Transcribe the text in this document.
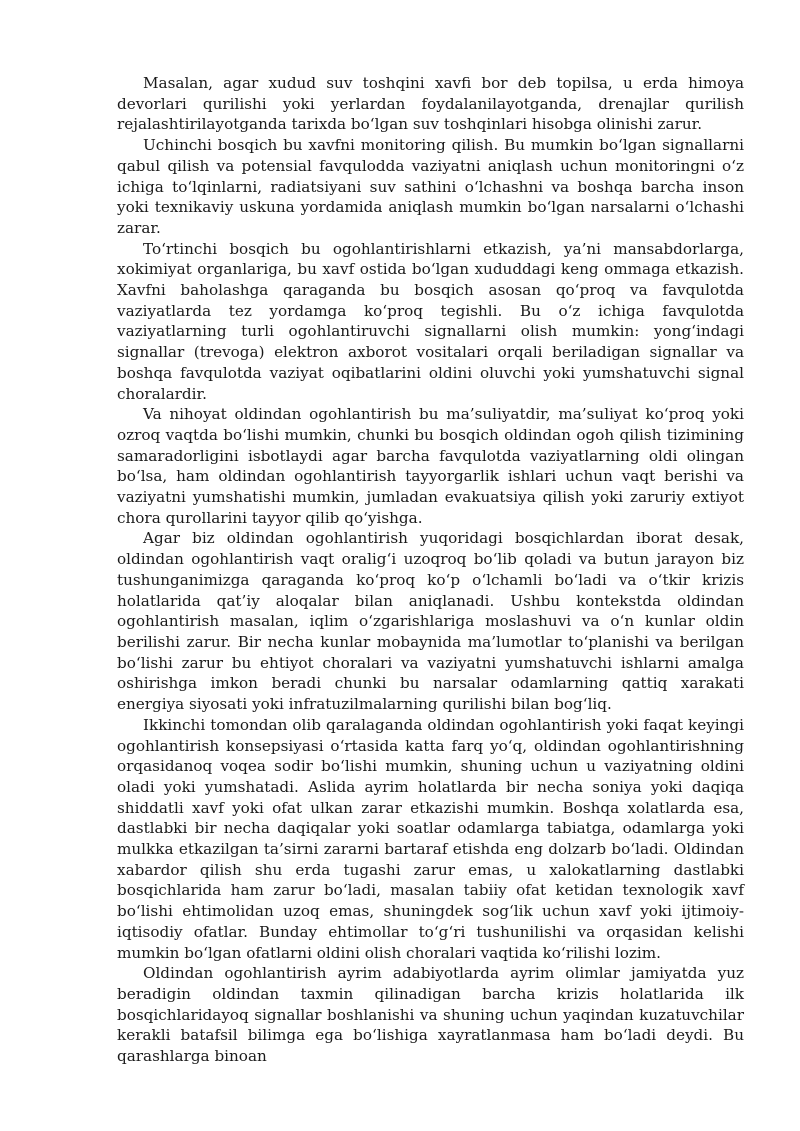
Masalan, agar xudud suv toshqini xavfi bor deb topilsa, u erda himoya devorlari qurilishi yoki yerlardan foydalanilayotganda, drenajlar qurilish rejalashtirilayotganda tarixda boʻlgan suv toshqinlari hisobga olinishi zarur.

Uchinchi bosqich bu xavfni monitoring qilish. Bu mumkin boʻlgan signallarni qabul qilish va potensial favqulodda vaziyatni aniqlash uchun monitoringni oʻz ichiga toʻlqinlarni, radiatsiyani suv sathini oʻlchashni va boshqa barcha inson yoki texnikaviy uskuna yordamida aniqlash mumkin boʻlgan narsalarni oʻlchashi zarar.

Toʻrtinchi bosqich bu ogohlantirishlarni etkazish, ya’ni mansabdorlarga, xokimiyat organlariga, bu xavf ostida boʻlgan xududdagi keng ommaga etkazish. Xavfni baholashga qaraganda bu bosqich asosan qoʻproq va favqulotda vaziyatlarda tez yordamga koʻproq tegishli. Bu oʻz ichiga favqulotda vaziyatlarning turli ogohlantiruvchi signallarni olish mumkin: yongʻindagi signallar (trevoga) elektron axborot vositalari orqali beriladigan signallar va boshqa favqulotda vaziyat oqibatlarini oldini oluvchi yoki yumshatuvchi signal choralardir.

Va nihoyat oldindan ogohlantirish bu ma’suliyatdir, ma’suliyat koʻproq yoki ozroq vaqtda boʻlishi mumkin, chunki bu bosqich oldindan ogoh qilish tizimining samaradorligini isbotlaydi agar barcha favqulotda vaziyatlarning oldi olingan boʻlsa, ham oldindan ogohlantirish tayyorgarlik ishlari uchun vaqt berishi va vaziyatni yumshatishi mumkin, jumladan evakuatsiya qilish yoki zaruriy extiyot chora qurollarini tayyor qilib qoʻyishga.

Agar biz oldindan ogohlantirish yuqoridagi bosqichlardan iborat desak, oldindan ogohlantirish vaqt oraligʻi uzoqroq boʻlib qoladi va butun jarayon biz tushunganimizga qaraganda koʻproq koʻp oʻlchamli boʻladi va oʻtkir krizis holatlarida qat’iy aloqalar bilan aniqlanadi. Ushbu kontekstda oldindan ogohlantirish masalan, iqlim oʻzgarishlariga moslashuvi va oʻn kunlar oldin berilishi zarur. Bir necha kunlar mobaynida ma’lumotlar toʻplanishi va berilgan boʻlishi zarur bu ehtiyot choralari va vaziyatni yumshatuvchi ishlarni amalga oshirishga imkon beradi chunki bu narsalar odamlarning qattiq xarakati energiya siyosati yoki infratuzilmalarning qurilishi bilan bogʻliq.

Ikkinchi tomondan olib qaralaganda oldindan ogohlantirish yoki faqat keyingi ogohlantirish konsepsiyasi oʻrtasida katta farq yoʻq, oldindan ogohlantirishning orqasidanoq voqea sodir boʻlishi mumkin, shuning uchun u vaziyatning oldini oladi yoki yumshatadi. Aslida ayrim holatlarda bir necha soniya yoki daqiqa shiddatli xavf yoki ofat ulkan zarar etkazishi mumkin. Boshqa xolatlarda esa, dastlabki bir necha daqiqalar yoki soatlar odamlarga tabiatga, odamlarga yoki mulkka etkazilgan ta’sirni zararni bartaraf etishda eng dolzarb boʻladi. Oldindan xabardor qilish shu erda tugashi zarur emas, u xalokatlarning dastlabki bosqichlarida ham zarur boʻladi, masalan tabiiy ofat ketidan texnologik xavf boʻlishi ehtimolidan uzoq emas, shuningdek sogʻlik uchun xavf yoki ijtimoiy-iqtisodiy ofatlar. Bunday ehtimollar toʻgʻri tushunilishi va orqasidan kelishi mumkin boʻlgan ofatlarni oldini olish choralari vaqtida koʻrilishi lozim.

Oldindan ogohlantirish ayrim adabiyotlarda ayrim olimlar jamiyatda yuz beradigin oldindan taxmin qilinadigan barcha krizis holatlarida ilk bosqichlaridayoq signallar boshlanishi va shuning uchun yaqindan kuzatuvchilar kerakli batafsil bilimga ega boʻlishiga xayratlanmasa ham boʻladi deydi. Bu qarashlarga binoan
